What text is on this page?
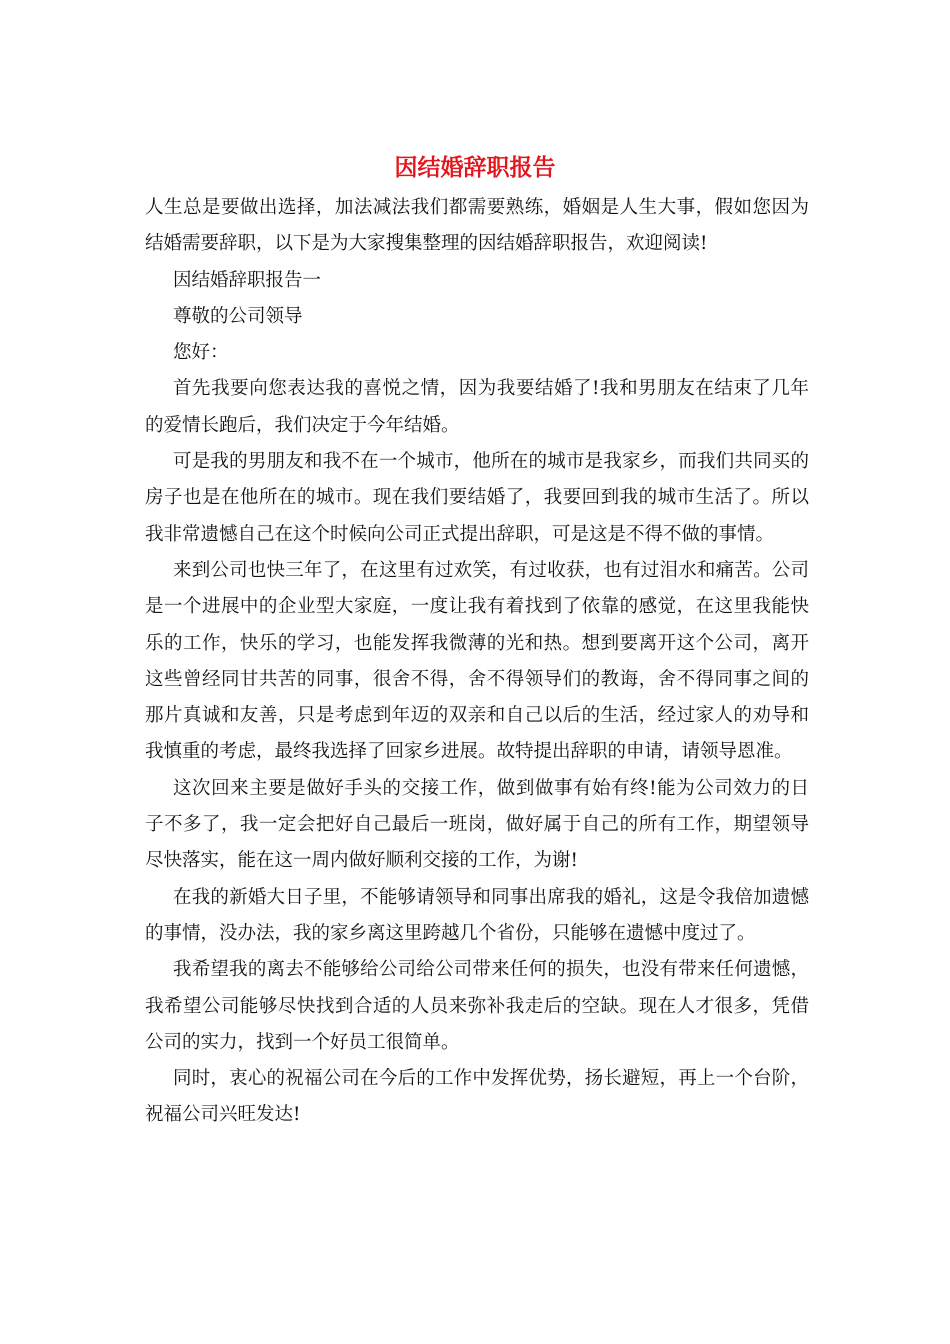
因结婚辞职报告

人生总是要做出选择，加法减法我们都需要熟练，婚姻是人生大事，假如您因为结婚需要辞职，以下是为大家搜集整理的因结婚辞职报告，欢迎阅读!

因结婚辞职报告一

尊敬的公司领导

您好：

首先我要向您表达我的喜悦之情，因为我要结婚了!我和男朋友在结束了几年的爱情长跑后，我们决定于今年结婚。

可是我的男朋友和我不在一个城市，他所在的城市是我家乡，而我们共同买的房子也是在他所在的城市。现在我们要结婚了，我要回到我的城市生活了。所以我非常遗憾自己在这个时候向公司正式提出辞职，可是这是不得不做的事情。

来到公司也快三年了，在这里有过欢笑，有过收获，也有过泪水和痛苦。公司是一个进展中的企业型大家庭，一度让我有着找到了依靠的感觉，在这里我能快乐的工作，快乐的学习，也能发挥我微薄的光和热。想到要离开这个公司，离开这些曾经同甘共苦的同事，很舍不得，舍不得领导们的教诲，舍不得同事之间的那片真诚和友善，只是考虑到年迈的双亲和自己以后的生活，经过家人的劝导和我慎重的考虑，最终我选择了回家乡进展。故特提出辞职的申请，请领导恩准。

这次回来主要是做好手头的交接工作，做到做事有始有终!能为公司效力的日子不多了，我一定会把好自己最后一班岗，做好属于自己的所有工作，期望领导尽快落实，能在这一周内做好顺利交接的工作，为谢!

在我的新婚大日子里，不能够请领导和同事出席我的婚礼，这是令我倍加遗憾的事情，没办法，我的家乡离这里跨越几个省份，只能够在遗憾中度过了。

我希望我的离去不能够给公司给公司带来任何的损失，也没有带来任何遗憾，我希望公司能够尽快找到合适的人员来弥补我走后的空缺。现在人才很多，凭借公司的实力，找到一个好员工很简单。

同时，衷心的祝福公司在今后的工作中发挥优势，扬长避短，再上一个台阶，祝福公司兴旺发达!
